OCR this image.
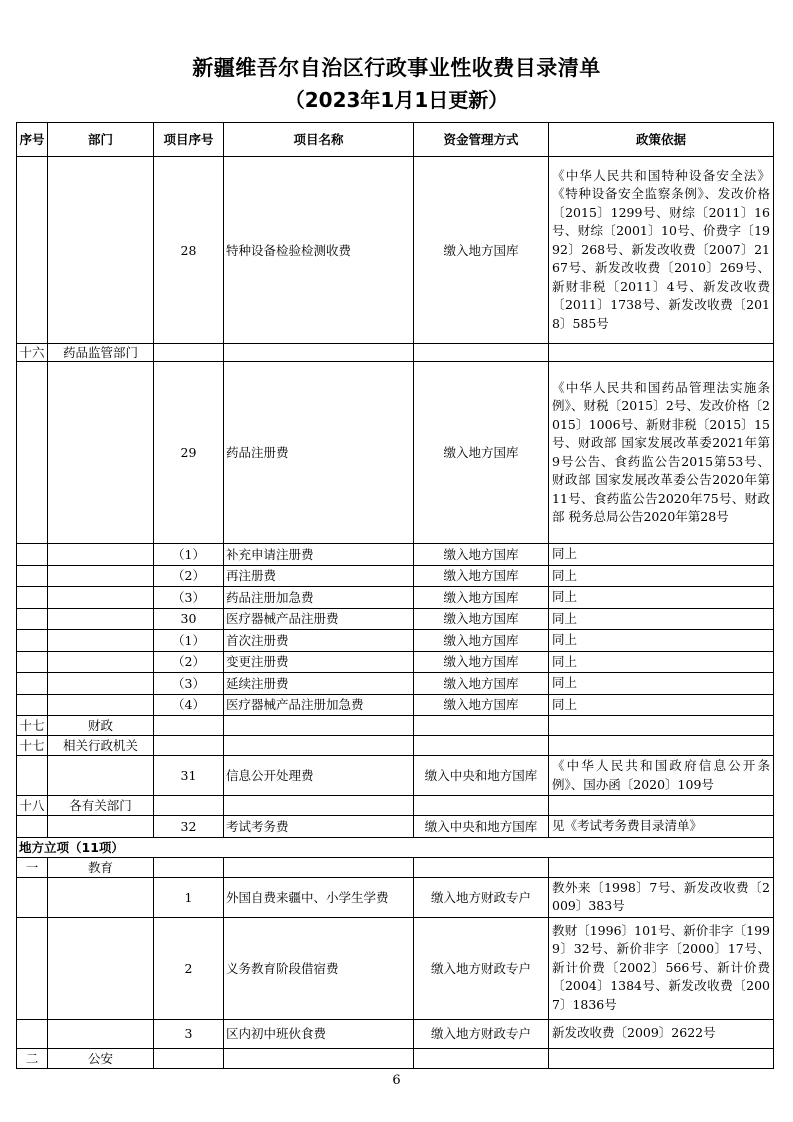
新疆维吾尔自治区行政事业性收费目录清单
（2023年1月1日更新）
序号	部门	项目序号	项目名称	资金管理方式	政策依据
		28	特种设备检验检测收费	缴入地方国库	《中华人民共和国特种设备安全法》《特种设备安全监察条例》、发改价格〔2015〕1299号、财综〔2011〕16号、财综〔2001〕10号、价费字〔1992〕268号、新发改收费〔2007〕2167号、新发改收费〔2010〕269号、新财非税〔2011〕4号、新发改收费〔2011〕1738号、新发改收费〔2018〕585号
十六	药品监管部门				
		29	药品注册费	缴入地方国库	《中华人民共和国药品管理法实施条例》、财税〔2015〕2号、发改价格〔2015〕1006号、新财非税〔2015〕15号、财政部 国家发展改革委2021年第9号公告、食药监公告2015第53号、财政部 国家发展改革委公告2020年第11号、食药监公告2020年75号、财政部 税务总局公告2020年第28号
		（1）	补充申请注册费	缴入地方国库	同上
		（2）	再注册费	缴入地方国库	同上
		（3）	药品注册加急费	缴入地方国库	同上
		30	医疗器械产品注册费	缴入地方国库	同上
		（1）	首次注册费	缴入地方国库	同上
		（2）	变更注册费	缴入地方国库	同上
		（3）	延续注册费	缴入地方国库	同上
		（4）	医疗器械产品注册加急费	缴入地方国库	同上
十七	财政				
十七	相关行政机关				
		31	信息公开处理费	缴入中央和地方国库	《中华人民共和国政府信息公开条例》、国办函〔2020〕109号
十八	各有关部门				
		32	考试考务费	缴入中央和地方国库	见《考试考务费目录清单》
地方立项（11项）					
一	教育				
		1	外国自费来疆中、小学生学费	缴入地方财政专户	教外来〔1998〕7号、新发改收费〔2009〕383号
		2	义务教育阶段借宿费	缴入地方财政专户	教财〔1996〕101号、新价非字〔1999〕32号、新价非字〔2000〕17号、新计价费〔2002〕566号、新计价费〔2004〕1384号、新发改收费〔2007〕1836号
		3	区内初中班伙食费	缴入地方财政专户	新发改收费〔2009〕2622号
二	公安				
6
